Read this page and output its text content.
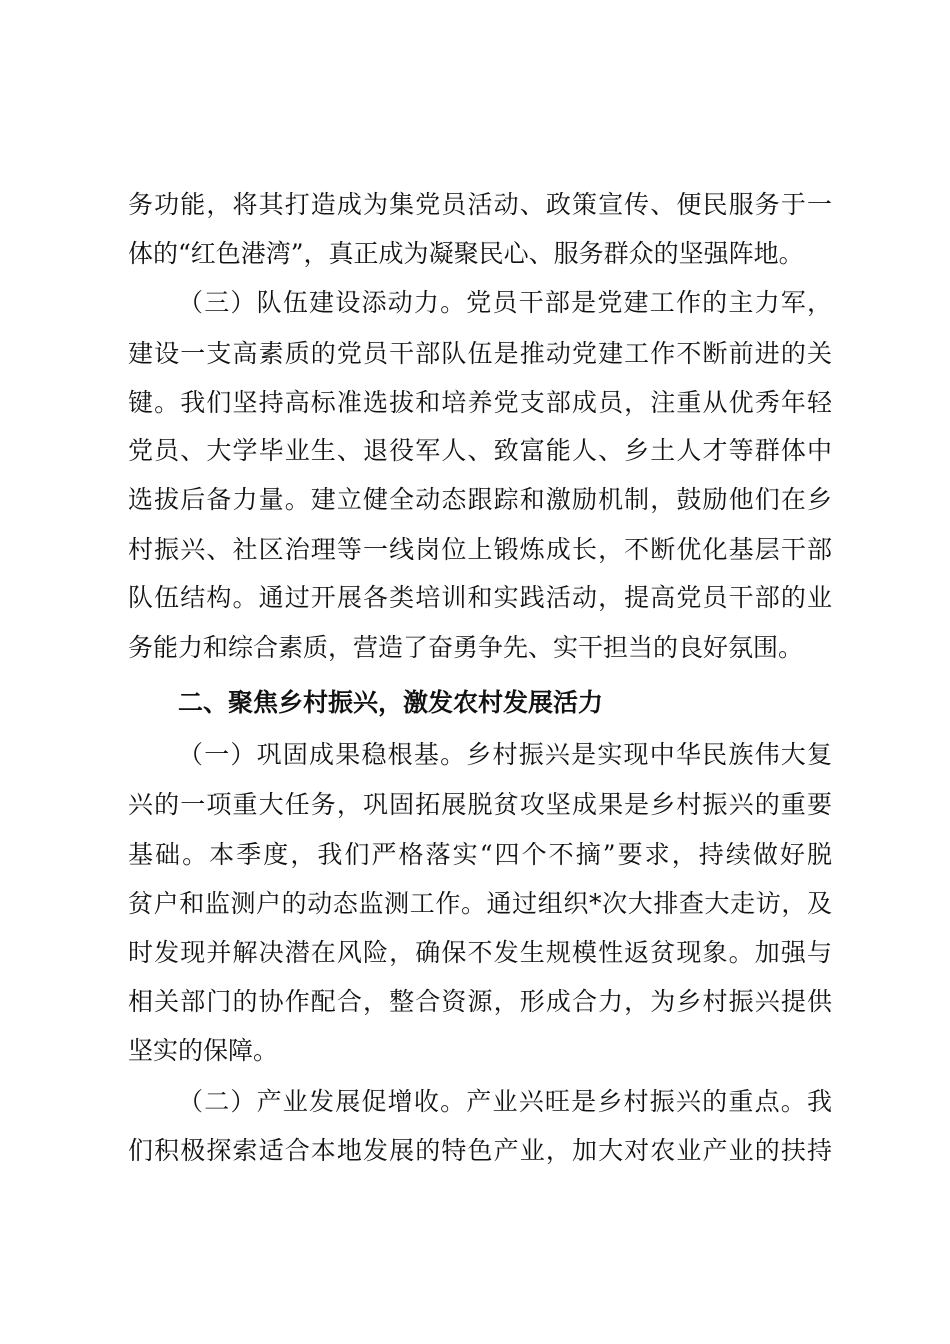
务功能，将其打造成为集党员活动、政策宣传、便民服务于一
体的“红色港湾”，真正成为凝聚民心、服务群众的坚强阵地。
（三）队伍建设添动力。党员干部是党建工作的主力军，
建设一支高素质的党员干部队伍是推动党建工作不断前进的关
键。我们坚持高标准选拔和培养党支部成员，注重从优秀年轻
党员、大学毕业生、退役军人、致富能人、乡土人才等群体中
选拔后备力量。建立健全动态跟踪和激励机制，鼓励他们在乡
村振兴、社区治理等一线岗位上锻炼成长，不断优化基层干部
队伍结构。通过开展各类培训和实践活动，提高党员干部的业
务能力和综合素质，营造了奋勇争先、实干担当的良好氛围。
二、聚焦乡村振兴，激发农村发展活力
（一）巩固成果稳根基。乡村振兴是实现中华民族伟大复
兴的一项重大任务，巩固拓展脱贫攻坚成果是乡村振兴的重要
基础。本季度，我们严格落实“四个不摘”要求，持续做好脱
贫户和监测户的动态监测工作。通过组织*次大排查大走访，及
时发现并解决潜在风险，确保不发生规模性返贫现象。加强与
相关部门的协作配合，整合资源，形成合力，为乡村振兴提供
坚实的保障。
（二）产业发展促增收。产业兴旺是乡村振兴的重点。我
们积极探索适合本地发展的特色产业，加大对农业产业的扶持
